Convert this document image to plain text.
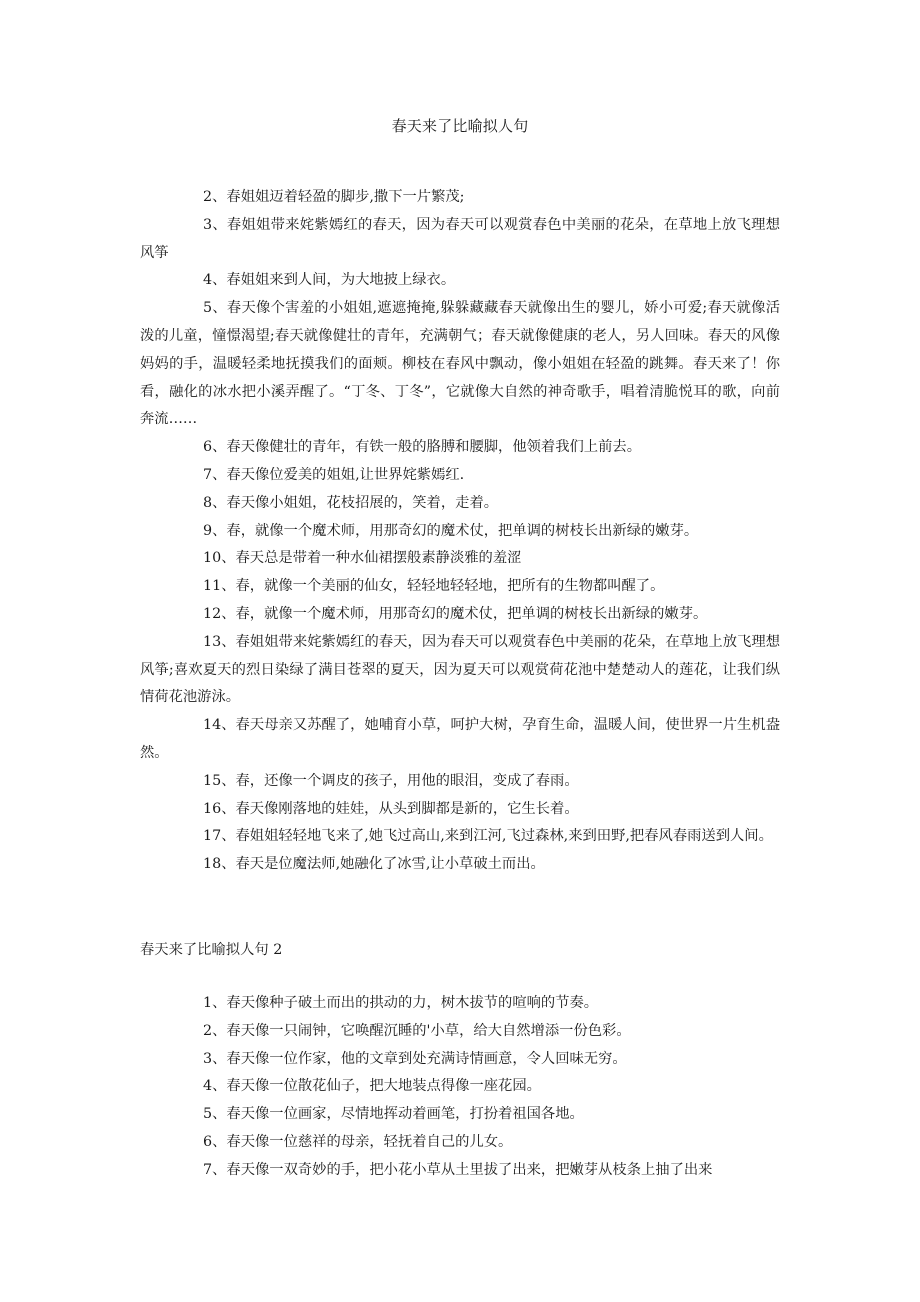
春天来了比喻拟人句

2、春姐姐迈着轻盈的脚步,撒下一片繁茂;

3、春姐姐带来姹紫嫣红的春天，因为春天可以观赏春色中美丽的花朵，在草地上放飞理想风筝

4、春姐姐来到人间，为大地披上绿衣。

5、春天像个害羞的小姐姐,遮遮掩掩,躲躲藏藏春天就像出生的婴儿，娇小可爱;春天就像活泼的儿童，憧憬渴望;春天就像健壮的青年，充满朝气；春天就像健康的老人，另人回味。春天的风像妈妈的手，温暖轻柔地抚摸我们的面颊。柳枝在春风中飘动，像小姐姐在轻盈的跳舞。春天来了！你看，融化的冰水把小溪弄醒了。“丁冬、丁冬”，它就像大自然的神奇歌手，唱着清脆悦耳的歌，向前奔流……

6、春天像健壮的青年，有铁一般的胳膊和腰脚，他领着我们上前去。

7、春天像位爱美的姐姐,让世界姹紫嫣红.

8、春天像小姐姐，花枝招展的，笑着，走着。

9、春，就像一个魔术师，用那奇幻的魔术仗，把单调的树枝长出新绿的嫩芽。

10、春天总是带着一种水仙裙摆般素静淡雅的羞涩

11、春，就像一个美丽的仙女，轻轻地轻轻地，把所有的生物都叫醒了。

12、春，就像一个魔术师，用那奇幻的魔术仗，把单调的树枝长出新绿的嫩芽。

13、春姐姐带来姹紫嫣红的春天，因为春天可以观赏春色中美丽的花朵，在草地上放飞理想风筝;喜欢夏天的烈日染绿了满目苍翠的夏天，因为夏天可以观赏荷花池中楚楚动人的莲花，让我们纵情荷花池游泳。

14、春天母亲又苏醒了，她哺育小草，呵护大树，孕育生命，温暖人间，使世界一片生机盎然。

15、春，还像一个调皮的孩子，用他的眼泪，变成了春雨。

16、春天像刚落地的娃娃，从头到脚都是新的，它生长着。

17、春姐姐轻轻地飞来了,她飞过高山,来到江河,飞过森林,来到田野,把春风春雨送到人间。

18、春天是位魔法师,她融化了冰雪,让小草破土而出。

春天来了比喻拟人句 2

1、春天像种子破土而出的拱动的力，树木拔节的喧响的节奏。

2、春天像一只闹钟，它唤醒沉睡的'小草，给大自然增添一份色彩。

3、春天像一位作家，他的文章到处充满诗情画意，令人回味无穷。

4、春天像一位散花仙子，把大地装点得像一座花园。

5、春天像一位画家，尽情地挥动着画笔，打扮着祖国各地。

6、春天像一位慈祥的母亲，轻抚着自己的儿女。

7、春天像一双奇妙的手，把小花小草从土里拔了出来，把嫩芽从枝条上抽了出来
